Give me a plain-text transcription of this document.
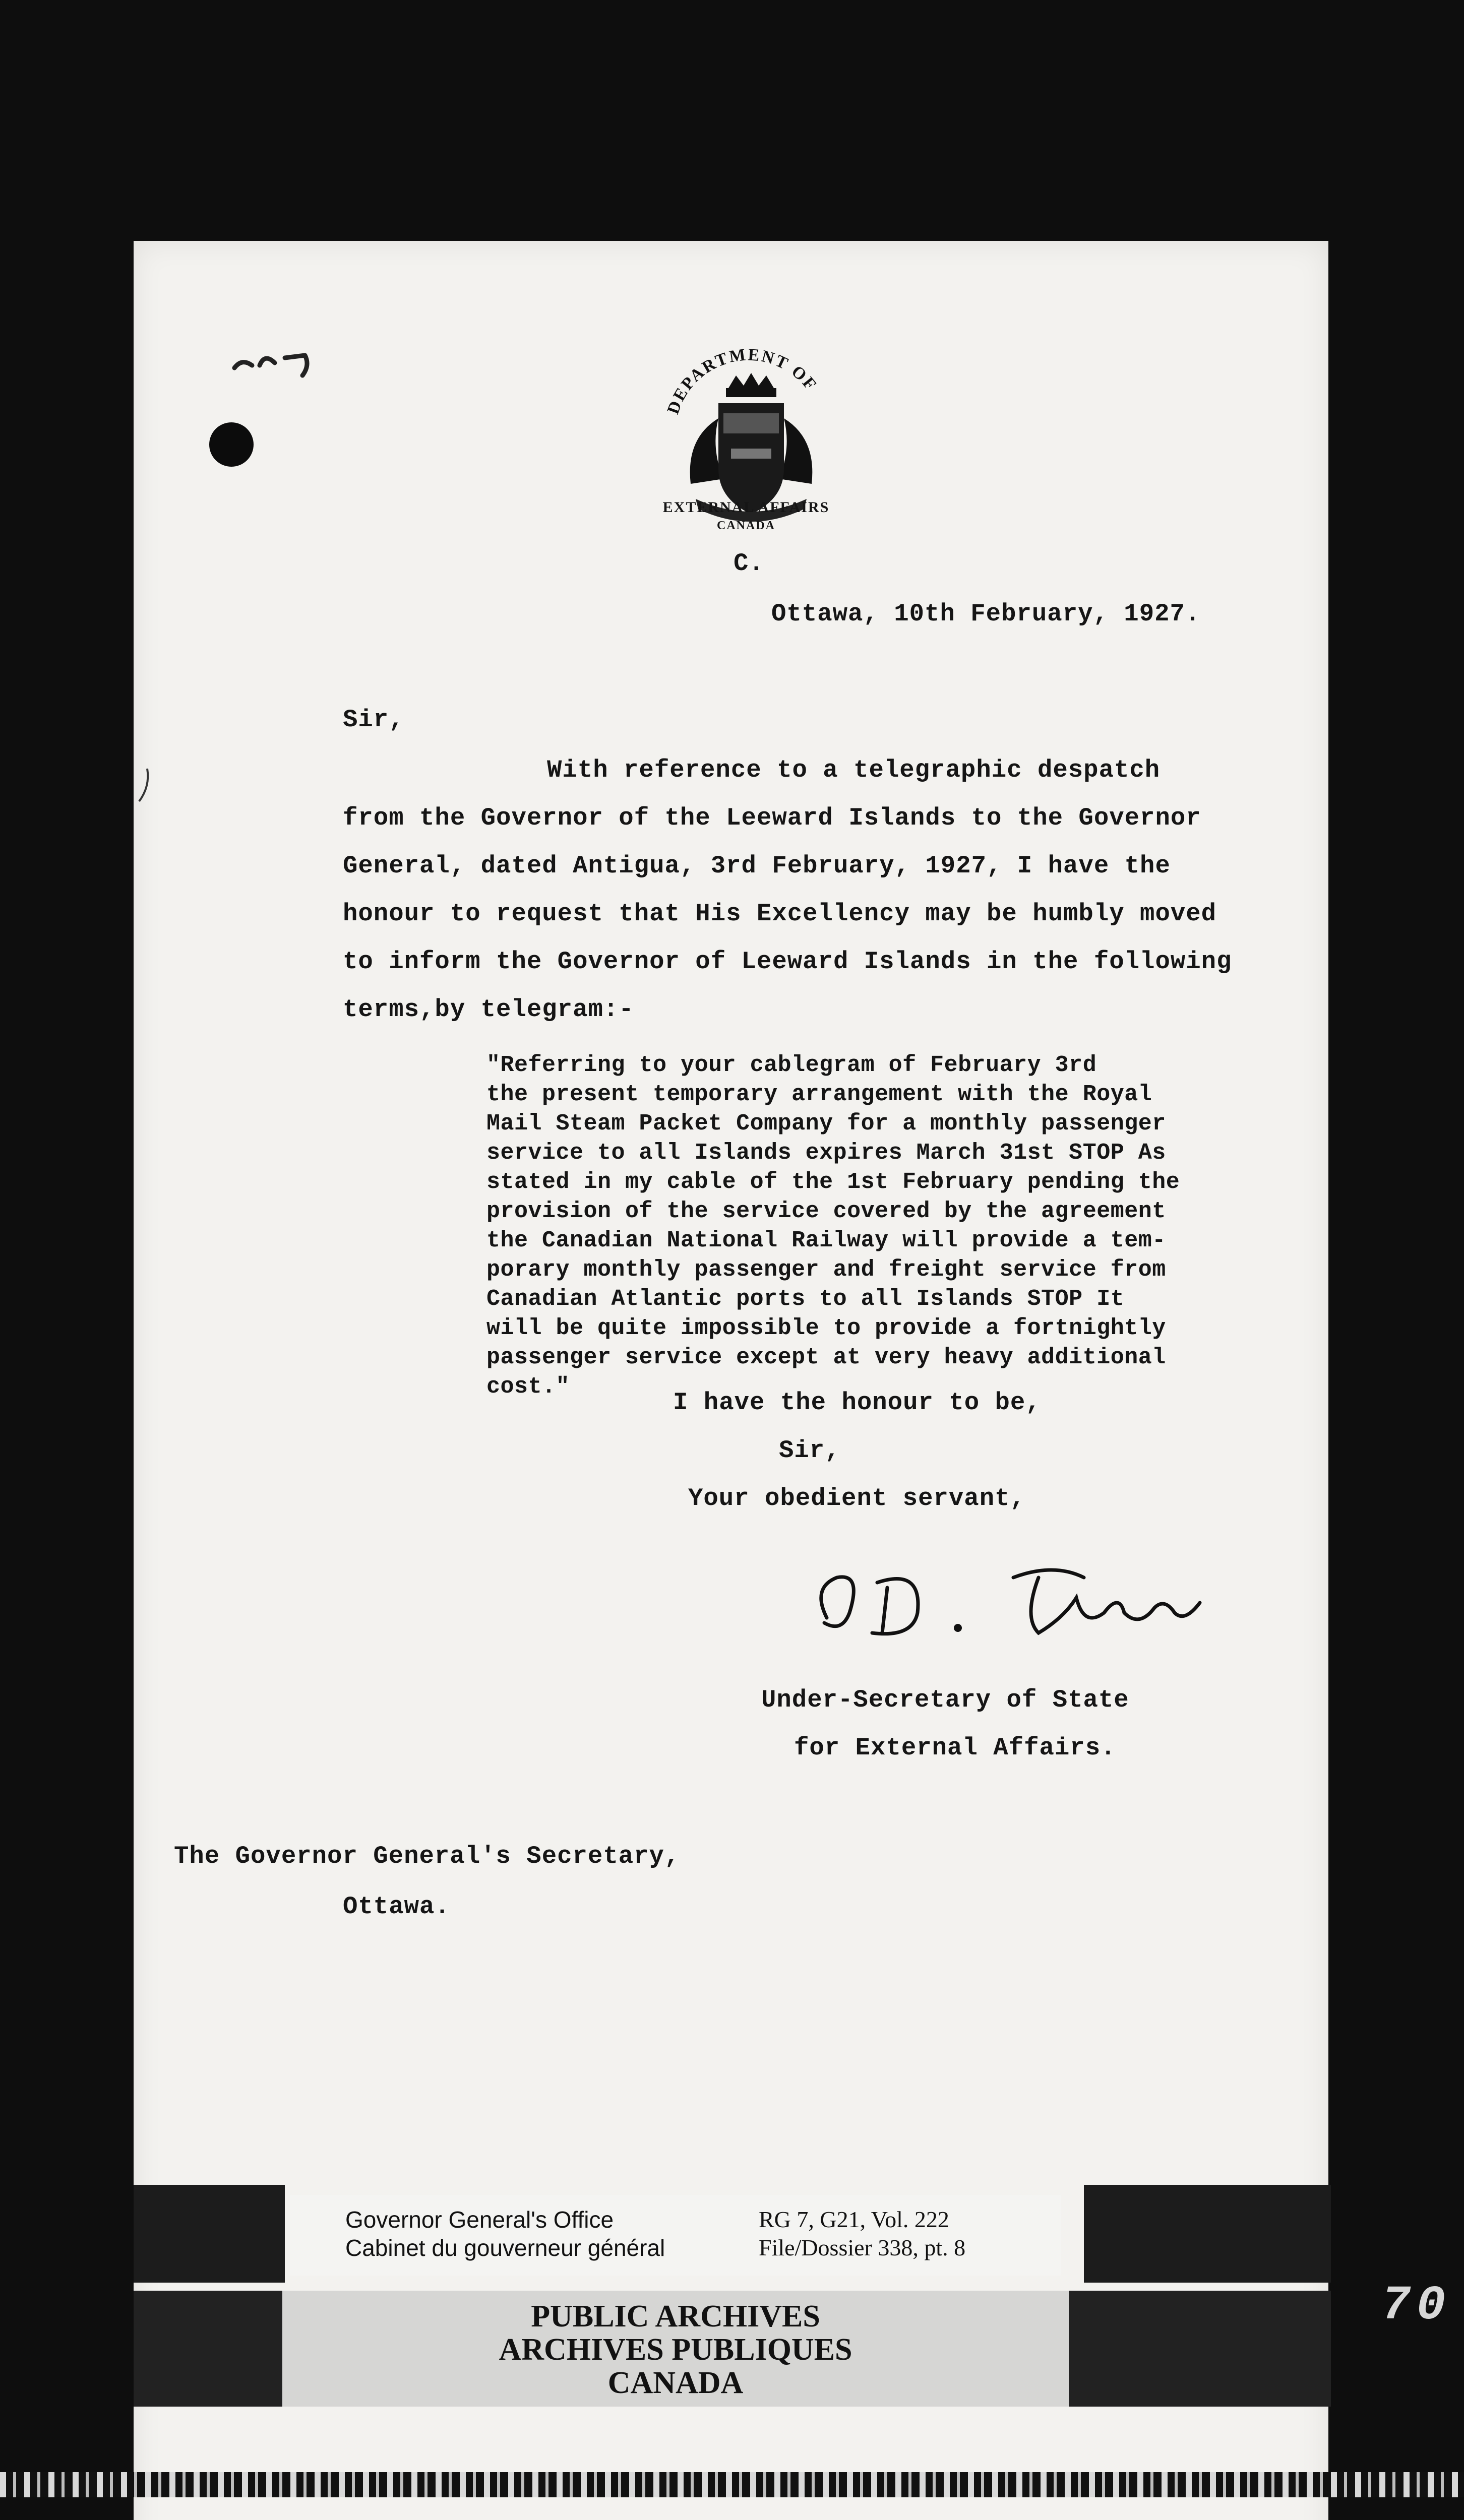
DEPARTMENT OF
EXTERNAL AFFAIRS
CANADA
C.
Ottawa, 10th February, 1927.
Sir,
With reference to a telegraphic despatch
from the Governor of the Leeward Islands to the Governor
General, dated Antigua, 3rd February, 1927, I have the
honour to request that His Excellency may be humbly moved
to inform the Governor of Leeward Islands in the following
terms,by telegram:-
"Referring to your cablegram of February 3rd
the present temporary arrangement with the Royal
Mail Steam Packet Company for a monthly passenger
service to all Islands expires March 31st STOP As
stated in my cable of the 1st February pending the
provision of the service covered by the agreement
the Canadian National Railway will provide a tem-
porary monthly passenger and freight service from
Canadian Atlantic ports to all Islands STOP It
will be quite impossible to provide a fortnightly
passenger service except at very heavy additional
cost."
I have the honour to be,
Sir,
Your obedient servant,
Under-Secretary of State
for External Affairs.
The Governor General's Secretary,
Ottawa.
Governor General's Office
Cabinet du gouverneur général
RG 7, G21, Vol. 222
File/Dossier 338, pt. 8
PUBLIC ARCHIVES
ARCHIVES PUBLIQUES
CANADA
70
